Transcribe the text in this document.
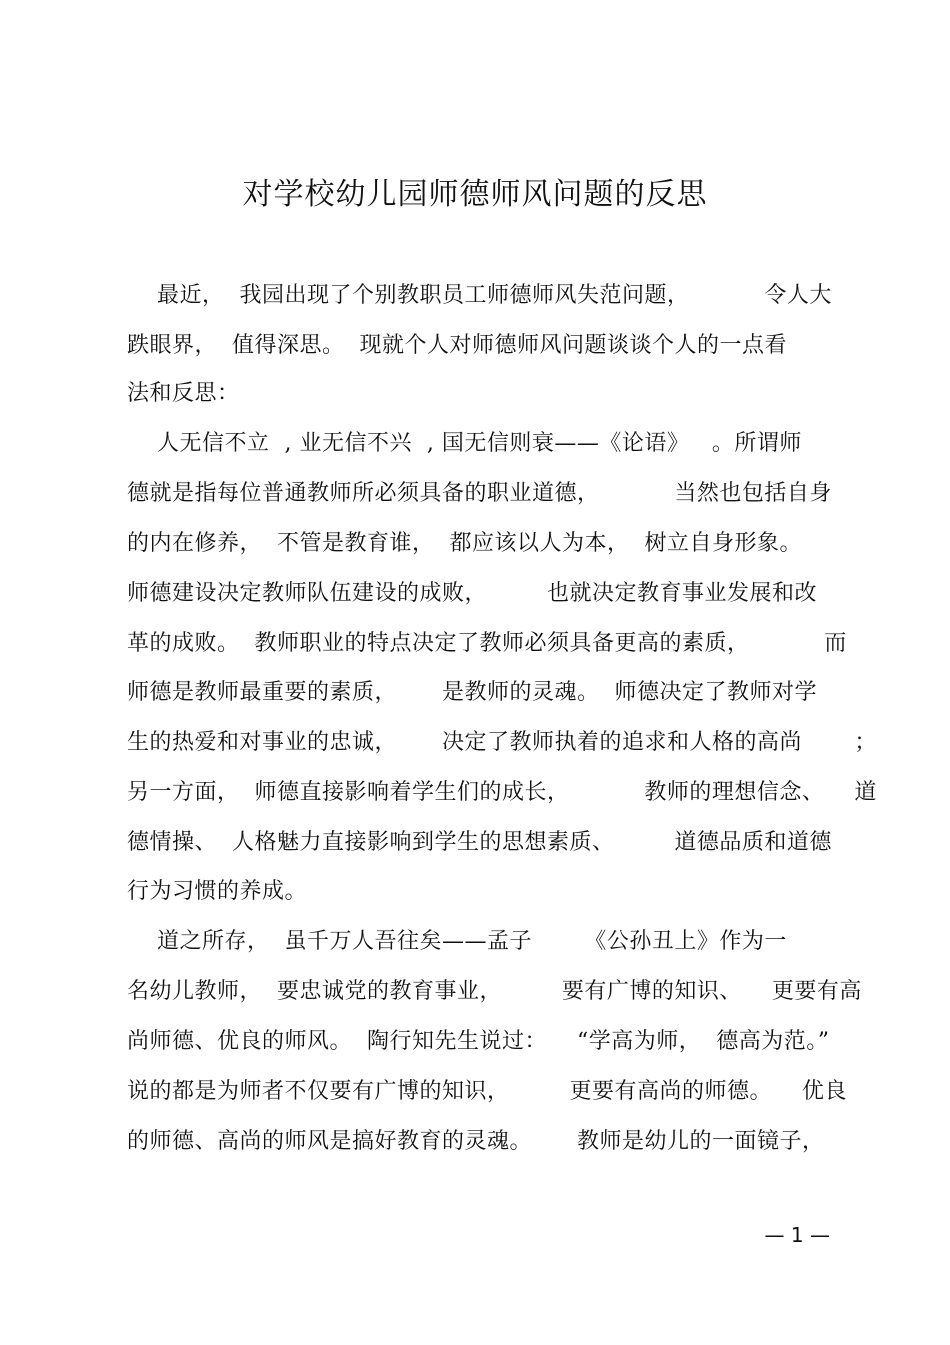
对学校幼儿园师德师风问题的反思
最近，  我园出现了个别教职员工师德师风失范问题，          令人大
跌眼界，  值得深思。  现就个人对师德师风问题谈谈个人的一点看
法和反思：
人无信不立  , 业无信不兴  , 国无信则衰——《论语》   。所谓师
德就是指每位普通教师所必须具备的职业道德，          当然也包括自身
的内在修养，  不管是教育谁，  都应该以人为本，  树立自身形象。
师德建设决定教师队伍建设的成败，        也就决定教育事业发展和改
革的成败。  教师职业的特点决定了教师必须具备更高的素质，          而
师德是教师最重要的素质，      是教师的灵魂。  师德决定了教师对学
生的热爱和对事业的忠诚，      决定了教师执着的追求和人格的高尚       ；
另一方面，  师德直接影响着学生们的成长，          教师的理想信念、    道
德情操、  人格魅力直接影响到学生的思想素质、        道德品质和道德
行为习惯的养成。
道之所存，  虽千万人吾往矣——孟子       《公孙丑上》作为一
名幼儿教师，  要忠诚党的教育事业，        要有广博的知识、    更要有高
尚师德、优良的师风。  陶行知先生说过：    “学高为师，  德高为范。”
说的都是为师者不仅要有广博的知识，        更要有高尚的师德。    优良
的师德、高尚的师风是搞好教育的灵魂。      教师是幼儿的一面镜子，
— 1 —
